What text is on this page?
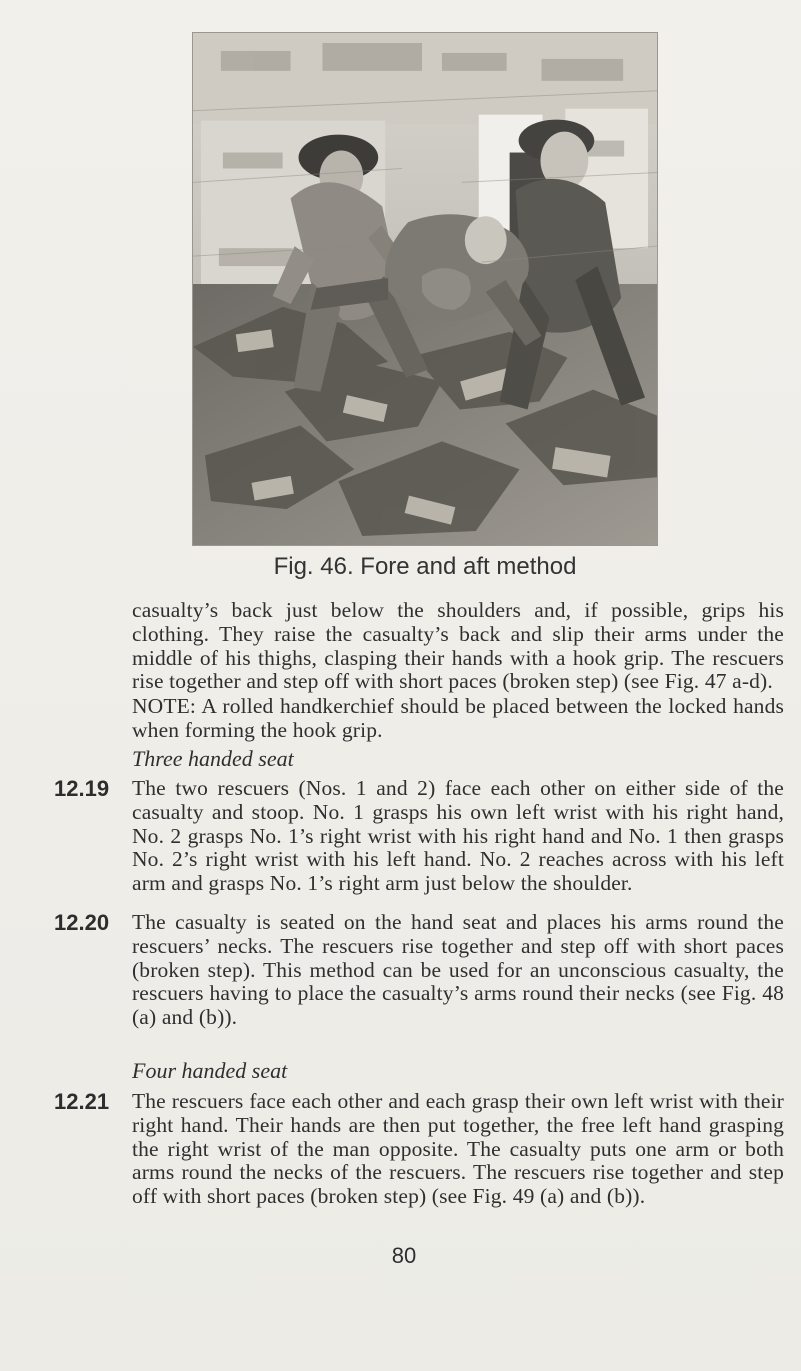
Fig. 46. Fore and aft method
casualty’s back just below the shoulders and, if possible, grips his clothing. They raise the casualty’s back and slip their arms under the middle of his thighs, clasping their hands with a hook grip. The rescuers rise together and step off with short paces (broken step) (see Fig. 47 a-d).
NOTE: A rolled handkerchief should be placed between the locked hands when forming the hook grip.
Three handed seat
12.19	The two rescuers (Nos. 1 and 2) face each other on either side of the casualty and stoop. No. 1 grasps his own left wrist with his right hand, No. 2 grasps No. 1’s right wrist with his right hand and No. 1 then grasps No. 2’s right wrist with his left hand. No. 2 reaches across with his left arm and grasps No. 1’s right arm just below the shoulder.
12.20	The casualty is seated on the hand seat and places his arms round the rescuers’ necks. The rescuers rise together and step off with short paces (broken step). This method can be used for an unconscious casualty, the rescuers having to place the casualty’s arms round their necks (see Fig. 48 (a) and (b)).
Four handed seat
12.21	The rescuers face each other and each grasp their own left wrist with their right hand. Their hands are then put together, the free left hand grasping the right wrist of the man opposite. The casualty puts one arm or both arms round the necks of the rescuers. The rescuers rise together and step off with short paces (broken step) (see Fig. 49 (a) and (b)).
80
